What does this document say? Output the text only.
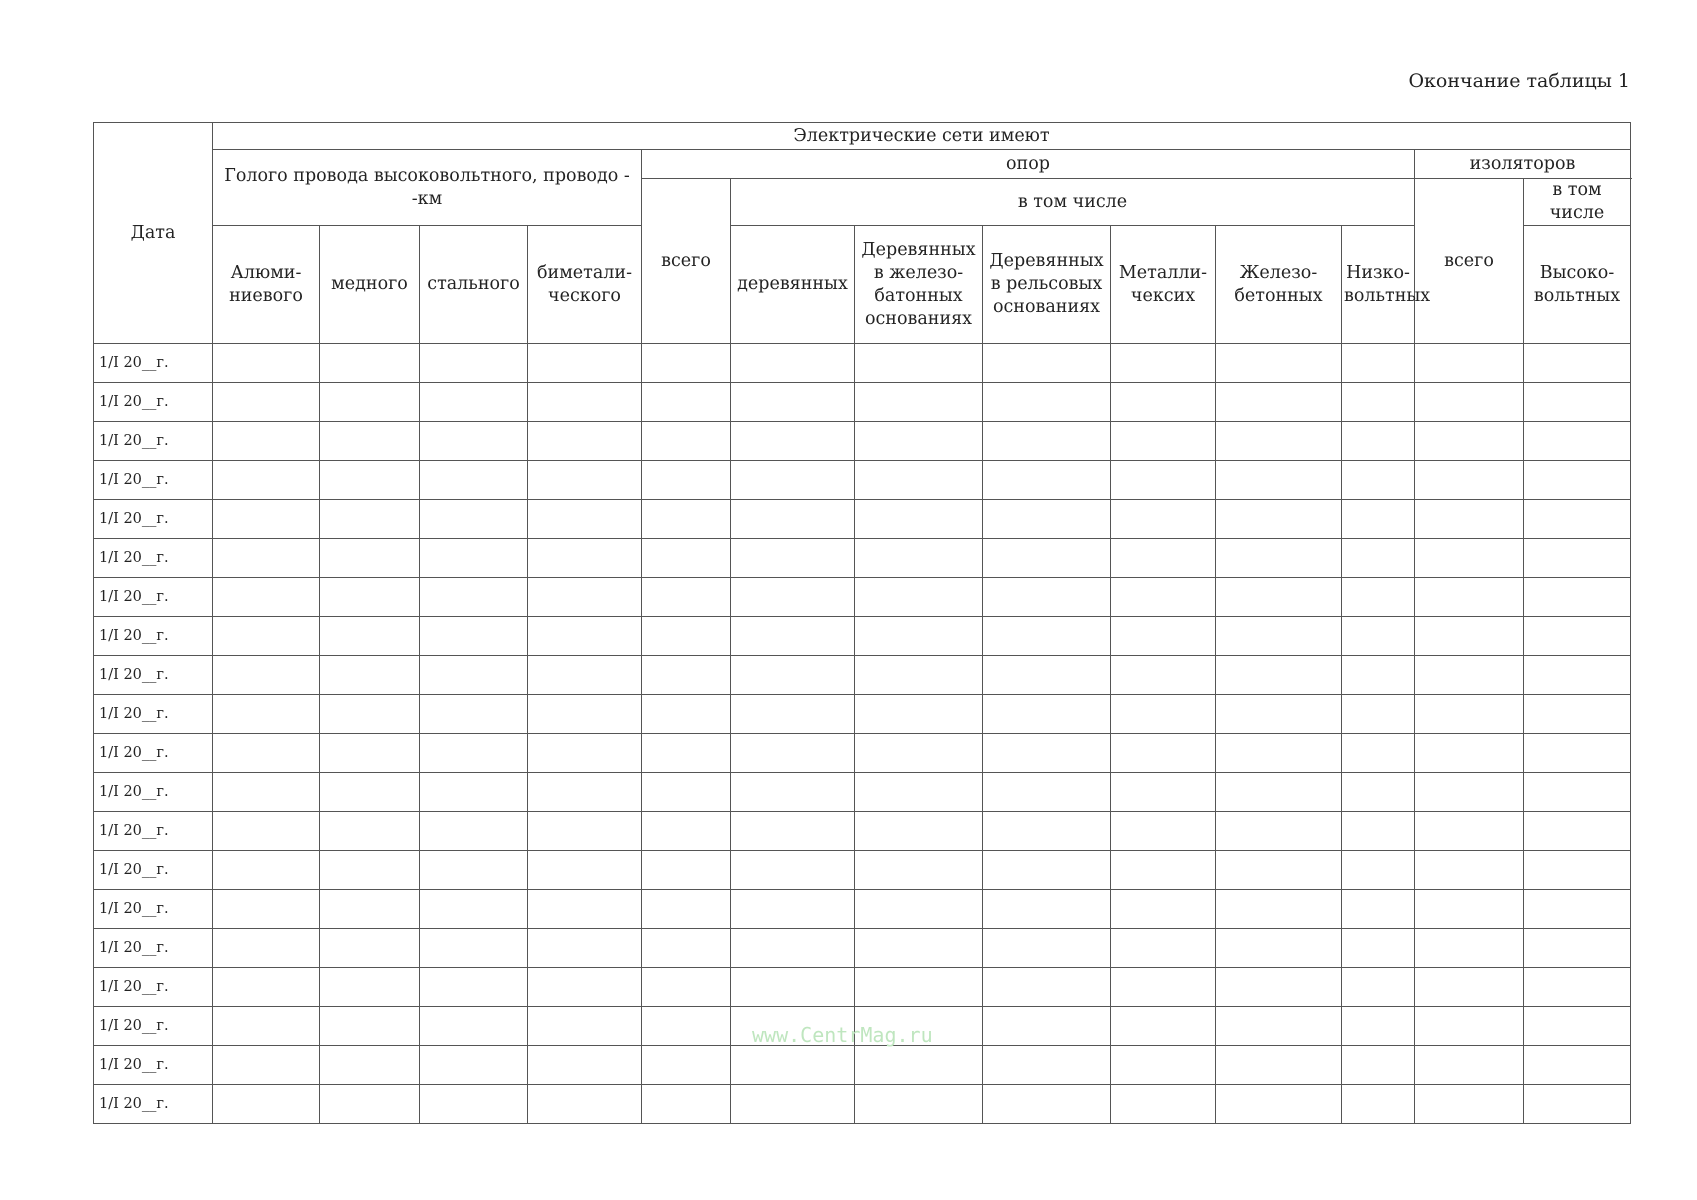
Окончание таблицы 1
Дата	Электрические сети имеют												
	Голого провода высоковольтного, проводо - -км				опор							изоляторов	
					всего	в том числе						всего	в том числе
	Алюми-ниевого	медного	стального	биметали-ческого		деревянных	Деревянных в железо-батонных основаниях	Деревянных в рельсовых основаниях	Металли-чексих	Железо-бетонных	Низко-вольтных		Высоко-вольтных
1/I 20__г.													
1/I 20__г.													
1/I 20__г.													
1/I 20__г.													
1/I 20__г.													
1/I 20__г.													
1/I 20__г.													
1/I 20__г.													
1/I 20__г.													
1/I 20__г.													
1/I 20__г.													
1/I 20__г.													
1/I 20__г.													
1/I 20__г.													
1/I 20__г.													
1/I 20__г.													
1/I 20__г.													
1/I 20__г.													
1/I 20__г.													
1/I 20__г.													
www.CentrMag.ru
